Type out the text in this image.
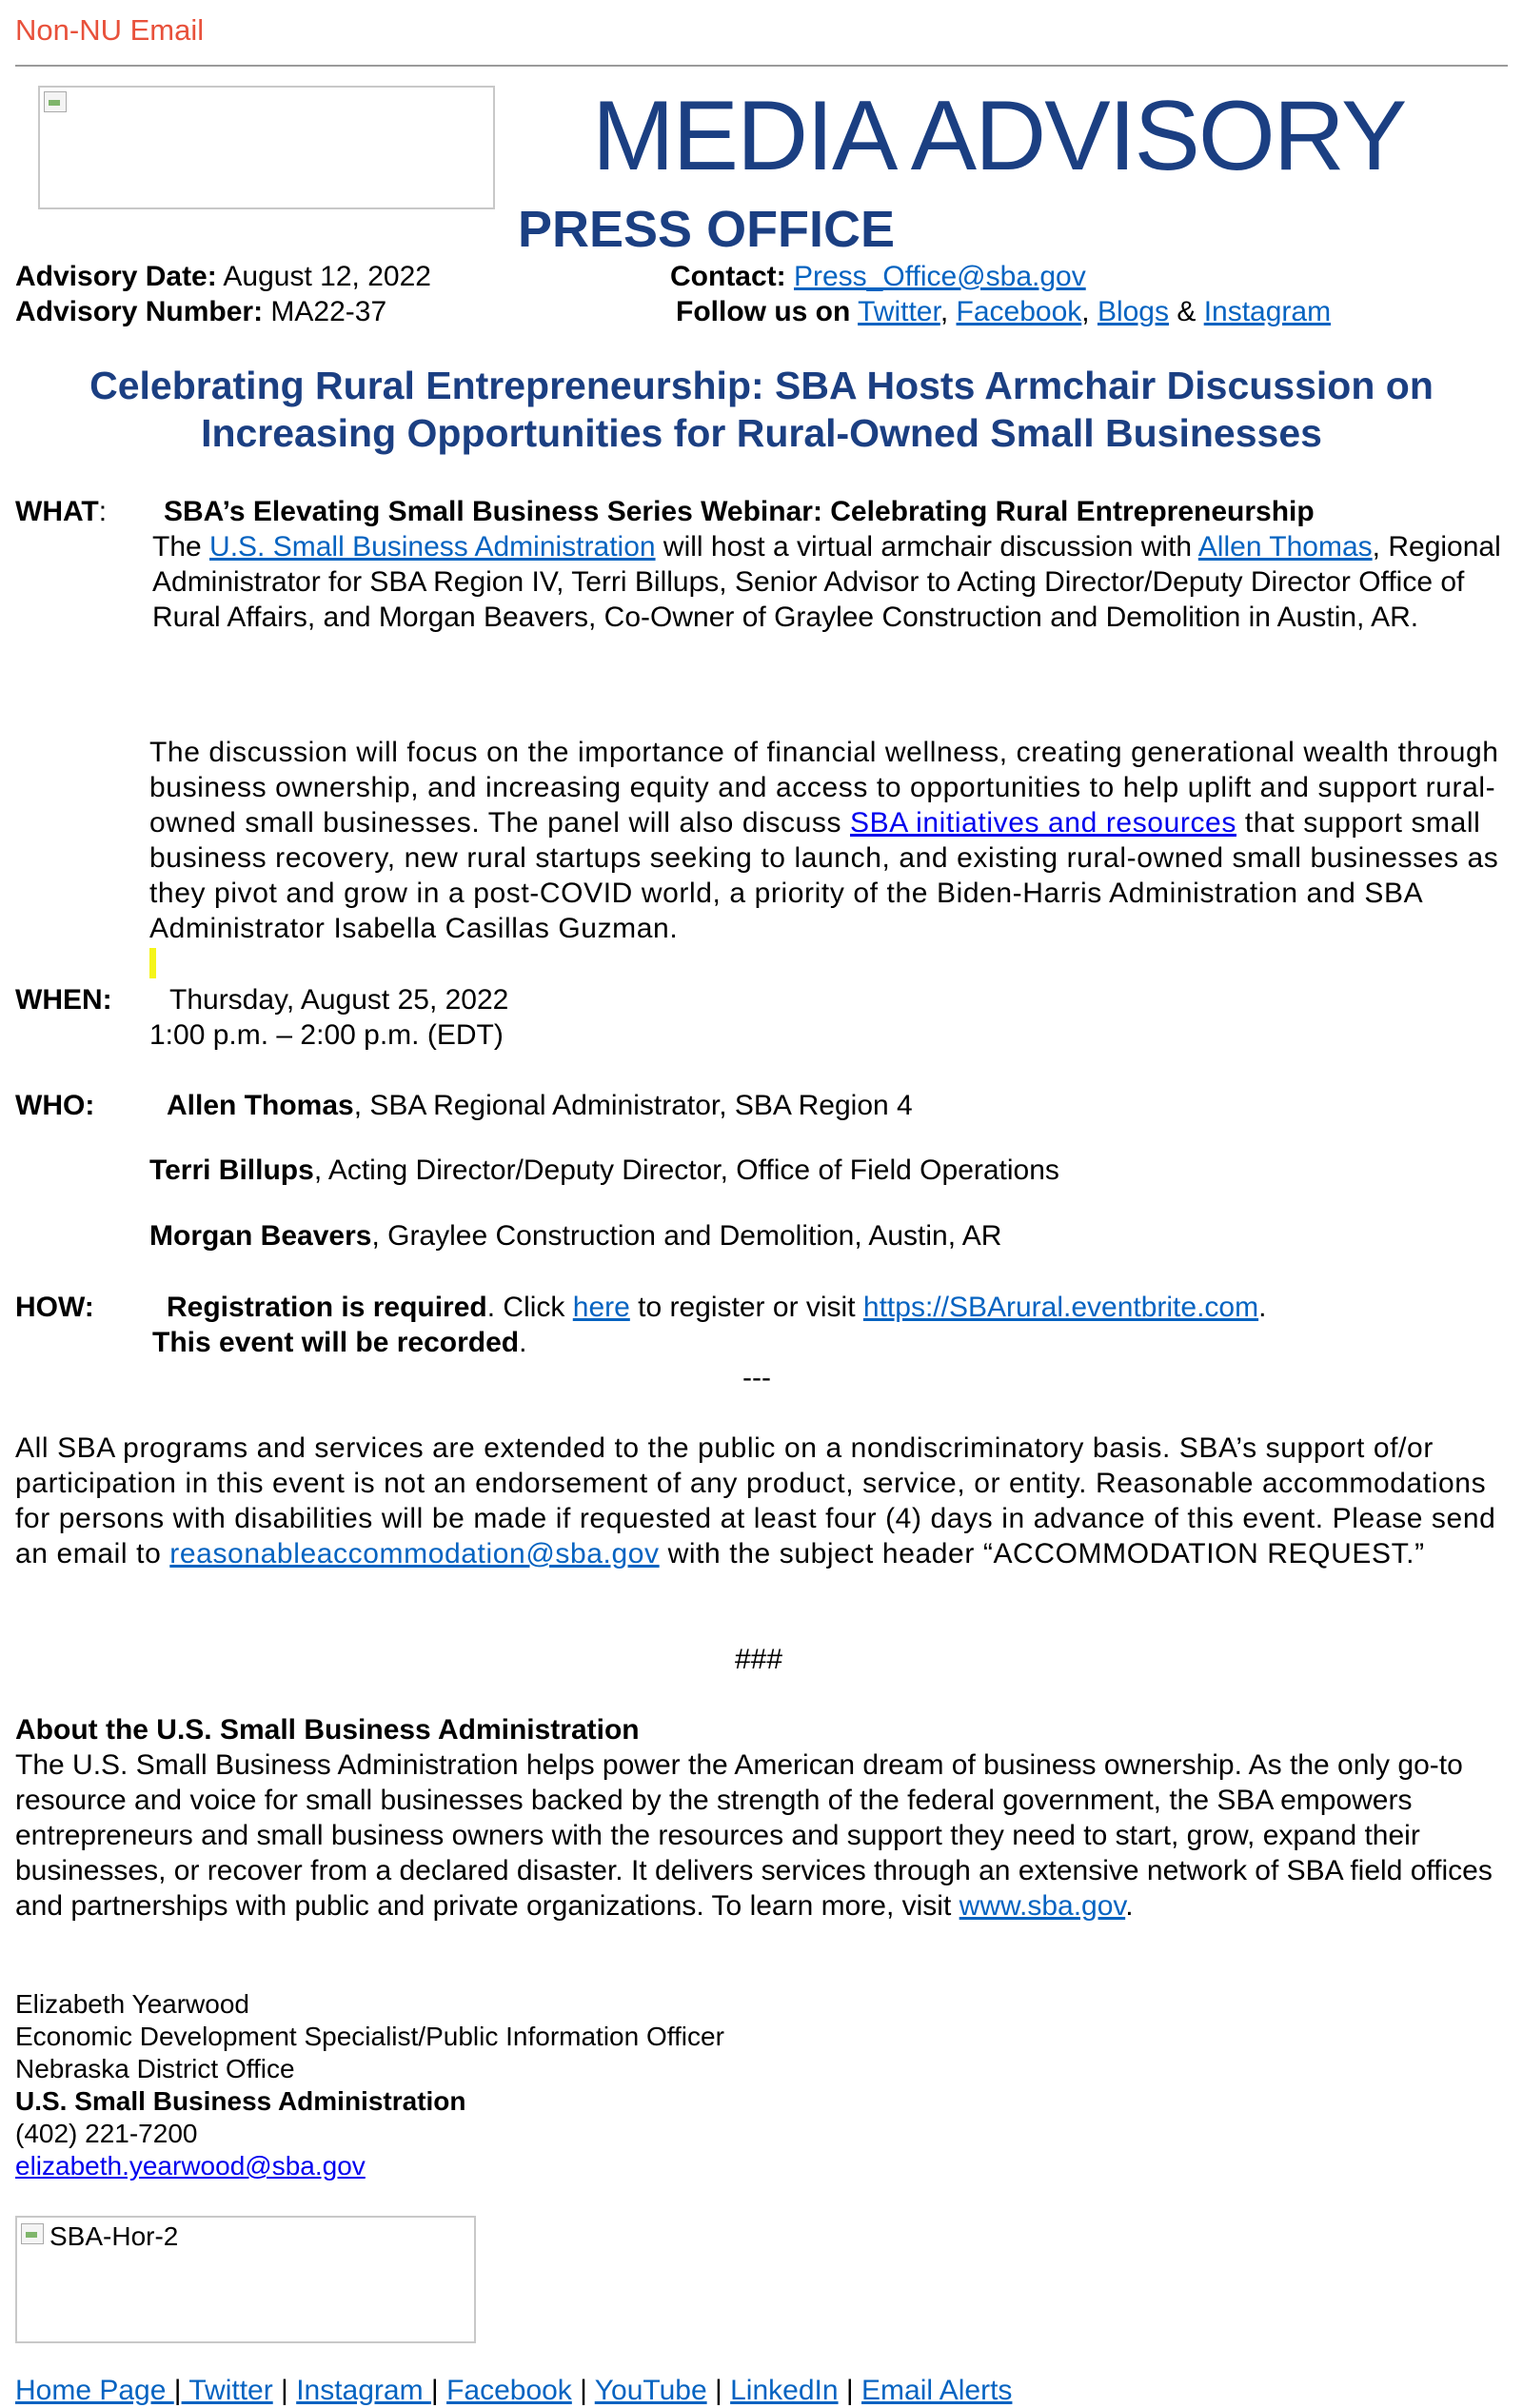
Non-NU Email
MEDIA ADVISORY
PRESS OFFICE
Advisory Date: August 12, 2022
Advisory Number: MA22-37
Contact: Press_Office@sba.gov
Follow us on Twitter, Facebook, Blogs & Instagram
Celebrating Rural Entrepreneurship: SBA Hosts Armchair Discussion on Increasing Opportunities for Rural-Owned Small Businesses
WHAT: SBA’s Elevating Small Business Series Webinar: Celebrating Rural Entrepreneurship
The U.S. Small Business Administration will host a virtual armchair discussion with Allen Thomas, Regional Administrator for SBA Region IV, Terri Billups, Senior Advisor to Acting Director/Deputy Director Office of Rural Affairs, and Morgan Beavers, Co-Owner of Graylee Construction and Demolition in Austin, AR.
The discussion will focus on the importance of financial wellness, creating generational wealth through business ownership, and increasing equity and access to opportunities to help uplift and support rural-owned small businesses. The panel will also discuss SBA initiatives and resources that support small business recovery, new rural startups seeking to launch, and existing rural-owned small businesses as they pivot and grow in a post-COVID world, a priority of the Biden-Harris Administration and SBA Administrator Isabella Casillas Guzman.
WHEN: Thursday, August 25, 2022
1:00 p.m. – 2:00 p.m. (EDT)
WHO:	Allen Thomas, SBA Regional Administrator, SBA Region 4
Terri Billups, Acting Director/Deputy Director, Office of Field Operations
Morgan Beavers, Graylee Construction and Demolition, Austin, AR
HOW:	Registration is required. Click here to register or visit https://SBArural.eventbrite.com.
This event will be recorded.
---
All SBA programs and services are extended to the public on a nondiscriminatory basis. SBA’s support of/or participation in this event is not an endorsement of any product, service, or entity. Reasonable accommodations for persons with disabilities will be made if requested at least four (4) days in advance of this event. Please send an email to reasonableaccommodation@sba.gov with the subject header “ACCOMMODATION REQUEST.”
###
About the U.S. Small Business Administration
The U.S. Small Business Administration helps power the American dream of business ownership. As the only go-to resource and voice for small businesses backed by the strength of the federal government, the SBA empowers entrepreneurs and small business owners with the resources and support they need to start, grow, expand their businesses, or recover from a declared disaster. It delivers services through an extensive network of SBA field offices and partnerships with public and private organizations. To learn more, visit www.sba.gov.
Elizabeth Yearwood
Economic Development Specialist/Public Information Officer
Nebraska District Office
U.S. Small Business Administration
(402) 221-7200
elizabeth.yearwood@sba.gov
SBA-Hor-2
Home Page | Twitter | Instagram | Facebook | YouTube | LinkedIn | Email Alerts
